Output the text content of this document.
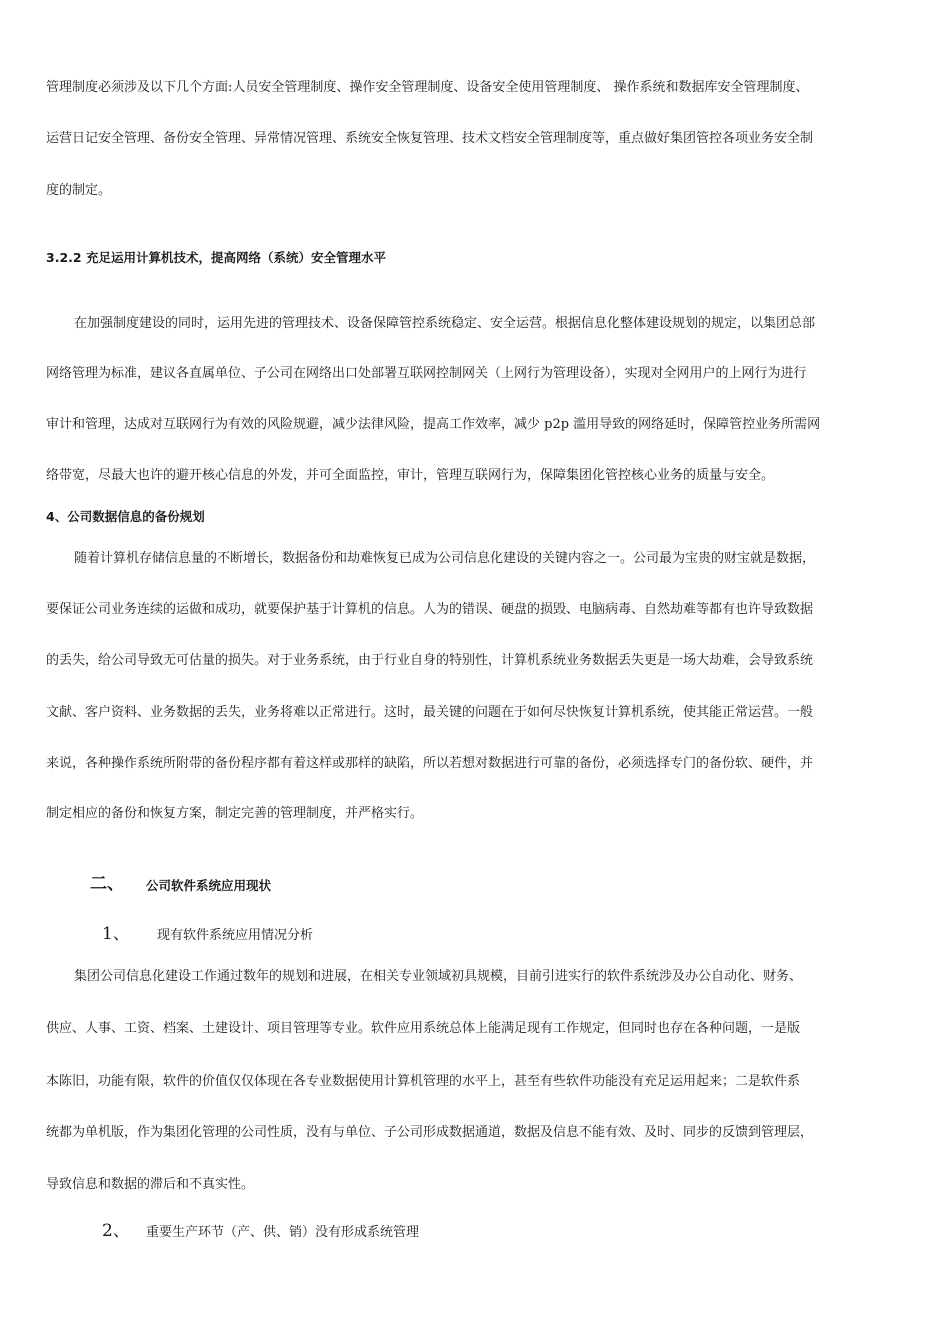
管理制度必须涉及以下几个方面:人员安全管理制度、操作安全管理制度、设备安全使用管理制度、 操作系统和数据库安全管理制度、
运营日记安全管理、备份安全管理、异常情况管理、系统安全恢复管理、技术文档安全管理制度等，重点做好集团管控各项业务安全制
度的制定。
3.2.2 充足运用计算机技术，提高网络（系统）安全管理水平
在加强制度建设的同时，运用先进的管理技术、设备保障管控系统稳定、安全运营。根据信息化整体建设规划的规定，以集团总部
网络管理为标准，建议各直属单位、子公司在网络出口处部署互联网控制网关（上网行为管理设备），实现对全网用户的上网行为进行
审计和管理，达成对互联网行为有效的风险规避，减少法律风险，提高工作效率，减少 p2p 滥用导致的网络延时，保障管控业务所需网
络带宽，尽最大也许的避开核心信息的外发，并可全面监控，审计，管理互联网行为，保障集团化管控核心业务的质量与安全。
4、公司数据信息的备份规划
随着计算机存储信息量的不断增长，数据备份和劫难恢复已成为公司信息化建设的关键内容之一。公司最为宝贵的财宝就是数据，
要保证公司业务连续的运做和成功，就要保护基于计算机的信息。人为的错误、硬盘的损毁、电脑病毒、自然劫难等都有也许导致数据
的丢失，给公司导致无可估量的损失。对于业务系统，由于行业自身的特别性，计算机系统业务数据丢失更是一场大劫难，会导致系统
文献、客户资料、业务数据的丢失，业务将难以正常进行。这时，最关键的问题在于如何尽快恢复计算机系统，使其能正常运营。一般
来说，各种操作系统所附带的备份程序都有着这样或那样的缺陷，所以若想对数据进行可靠的备份，必须选择专门的备份软、硬件，并
制定相应的备份和恢复方案，制定完善的管理制度，并严格实行。
二、 公司软件系统应用现状
1、 现有软件系统应用情况分析
集团公司信息化建设工作通过数年的规划和进展，在相关专业领域初具规模，目前引进实行的软件系统涉及办公自动化、财务、
供应、人事、工资、档案、土建设计、项目管理等专业。软件应用系统总体上能满足现有工作规定，但同时也存在各种问题，一是版
本陈旧，功能有限，软件的价值仅仅体现在各专业数据使用计算机管理的水平上，甚至有些软件功能没有充足运用起来；二是软件系
统都为单机版，作为集团化管理的公司性质，没有与单位、子公司形成数据通道，数据及信息不能有效、及时、同步的反馈到管理层，
导致信息和数据的滞后和不真实性。
2、 重要生产环节（产、供、销）没有形成系统管理
